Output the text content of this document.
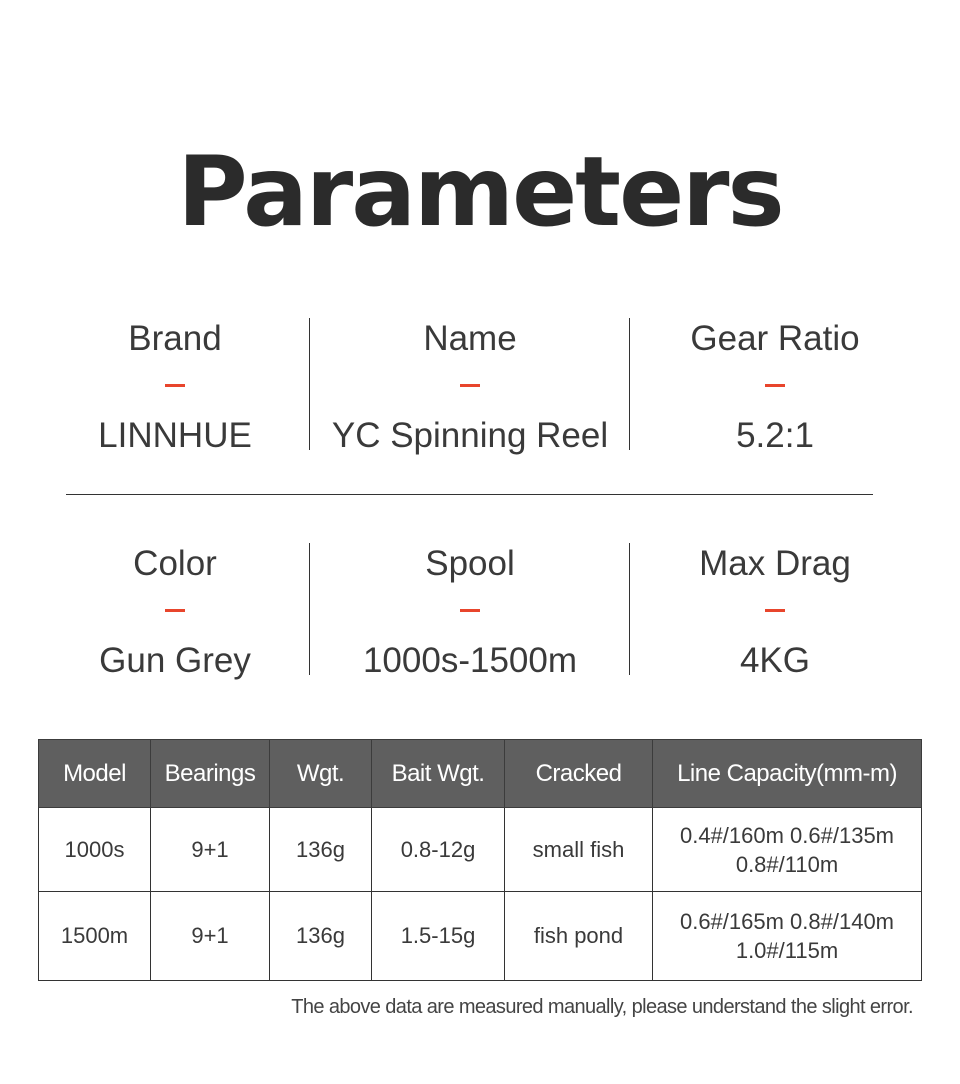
Parameters
Brand
LINNHUE
Name
YC Spinning Reel
Gear Ratio
5.2:1
Color
Gun Grey
Spool
1000s-1500m
Max Drag
4KG
Model	Bearings	Wgt.	Bait Wgt.	Cracked	Line Capacity(mm-m)
1000s	9+1	136g	0.8-12g	small fish	0.4#/160m 0.6#/135m
0.8#/110m

1500m	9+1	136g	1.5-15g	fish pond	0.6#/165m 0.8#/140m
1.0#/115m
The above data are measured manually, please understand the slight error.
